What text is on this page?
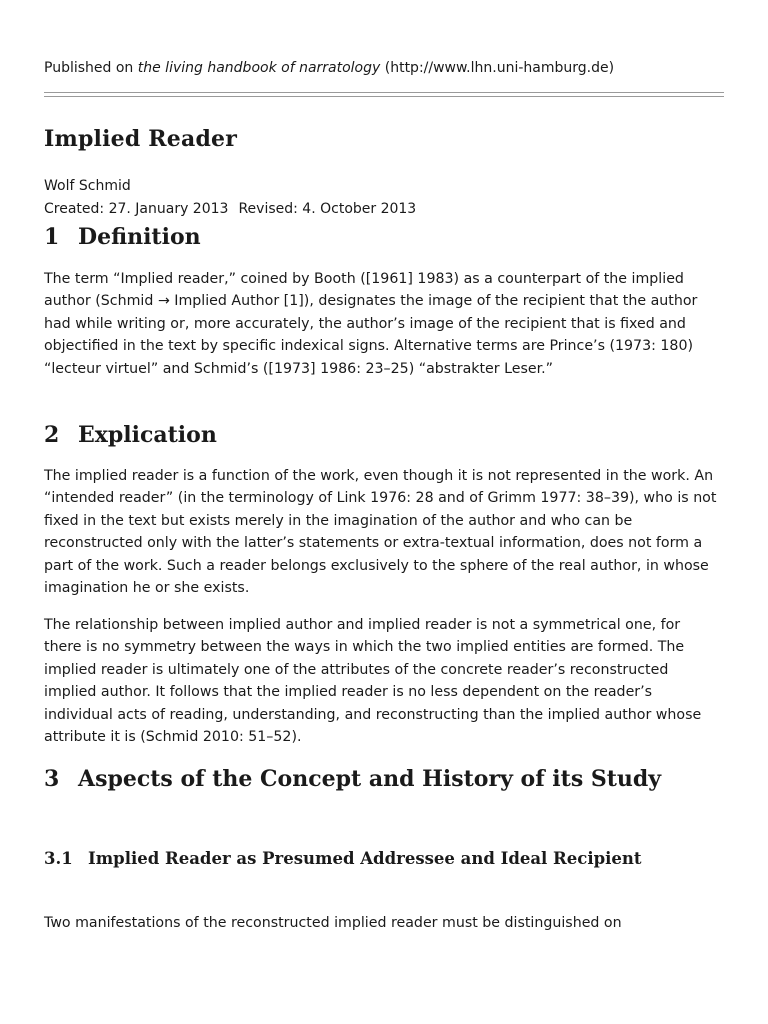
Published on the living handbook of narratology (http://www.lhn.uni-hamburg.de)
Implied Reader
Wolf Schmid
Created: 27. January 2013 Revised: 4. October 2013
1 Definition

The term “Implied reader,” coined by Booth ([1961] 1983) as a counterpart of the implied author (Schmid → Implied Author [1]), designates the image of the recipient that the author had while writing or, more accurately, the author’s image of the recipient that is fixed and objectified in the text by specific indexical signs. Alternative terms are Prince’s (1973: 180) “lecteur virtuel” and Schmid’s ([1973] 1986: 23–25) “abstrakter Leser.”

2 Explication

The implied reader is a function of the work, even though it is not represented in the work. An “intended reader” (in the terminology of Link 1976: 28 and of Grimm 1977: 38–39), who is not fixed in the text but exists merely in the imagination of the author and who can be reconstructed only with the latter’s statements or extra-textual information, does not form a part of the work. Such a reader belongs exclusively to the sphere of the real author, in whose imagination he or she exists.

The relationship between implied author and implied reader is not a symmetrical one, for there is no symmetry between the ways in which the two implied entities are formed. The implied reader is ultimately one of the attributes of the concrete reader’s reconstructed implied author. It follows that the implied reader is no less dependent on the reader’s individual acts of reading, understanding, and reconstructing than the implied author whose attribute it is (Schmid 2010: 51–52).

3 Aspects of the Concept and History of its Study
3.1 Implied Reader as Presumed Addressee and Ideal Recipient

Two manifestations of the reconstructed implied reader must be distinguished on
